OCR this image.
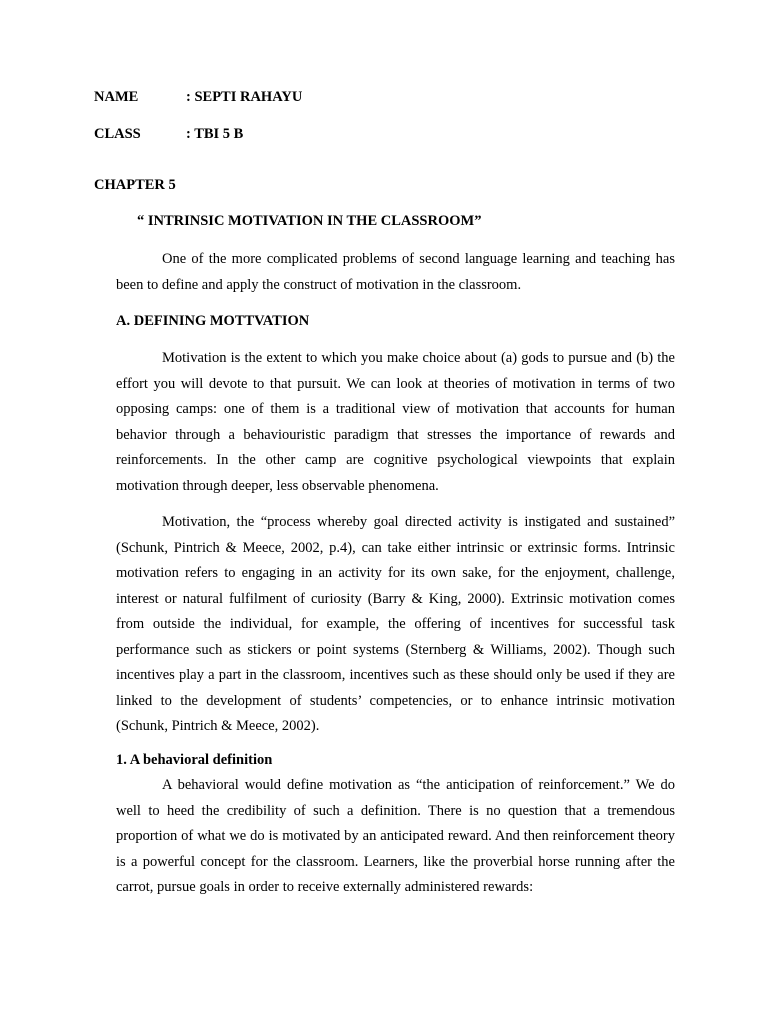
NAME	: SEPTI RAHAYU
CLASS	: TBI 5 B
CHAPTER 5
“ INTRINSIC MOTIVATION IN THE CLASSROOM”
One of the more complicated problems of second language learning and teaching has been to define and apply the construct of motivation in the classroom.
A. DEFINING MOTTVATION
Motivation is the extent to which you make choice about (a) gods to pursue and (b) the effort you will devote to that pursuit. We can look at theories of motivation in terms of two opposing camps: one of them is a traditional view of motivation that accounts for human behavior through a behaviouristic paradigm that stresses the importance of rewards and reinforcements. In the other camp are cognitive psychological viewpoints that explain motivation through deeper, less observable phenomena.
Motivation, the “process whereby goal directed activity is instigated and sustained” (Schunk, Pintrich & Meece, 2002, p.4), can take either intrinsic or extrinsic forms. Intrinsic motivation refers to engaging in an activity for its own sake, for the enjoyment, challenge, interest or natural fulfilment of curiosity (Barry & King, 2000). Extrinsic motivation comes from outside the individual, for example, the offering of incentives for successful task performance such as stickers or point systems (Sternberg & Williams, 2002). Though such incentives play a part in the classroom, incentives such as these should only be used if they are linked to the development of students’ competencies, or to enhance intrinsic motivation (Schunk, Pintrich & Meece, 2002).
1. A behavioral definition
A behavioral would define motivation as “the anticipation of reinforcement.” We do well to heed the credibility of such a definition. There is no question that a tremendous proportion of what we do is motivated by an anticipated reward. And then reinforcement theory is a powerful concept for the classroom. Learners, like the proverbial horse running after the carrot, pursue goals in order to receive externally administered rewards:
